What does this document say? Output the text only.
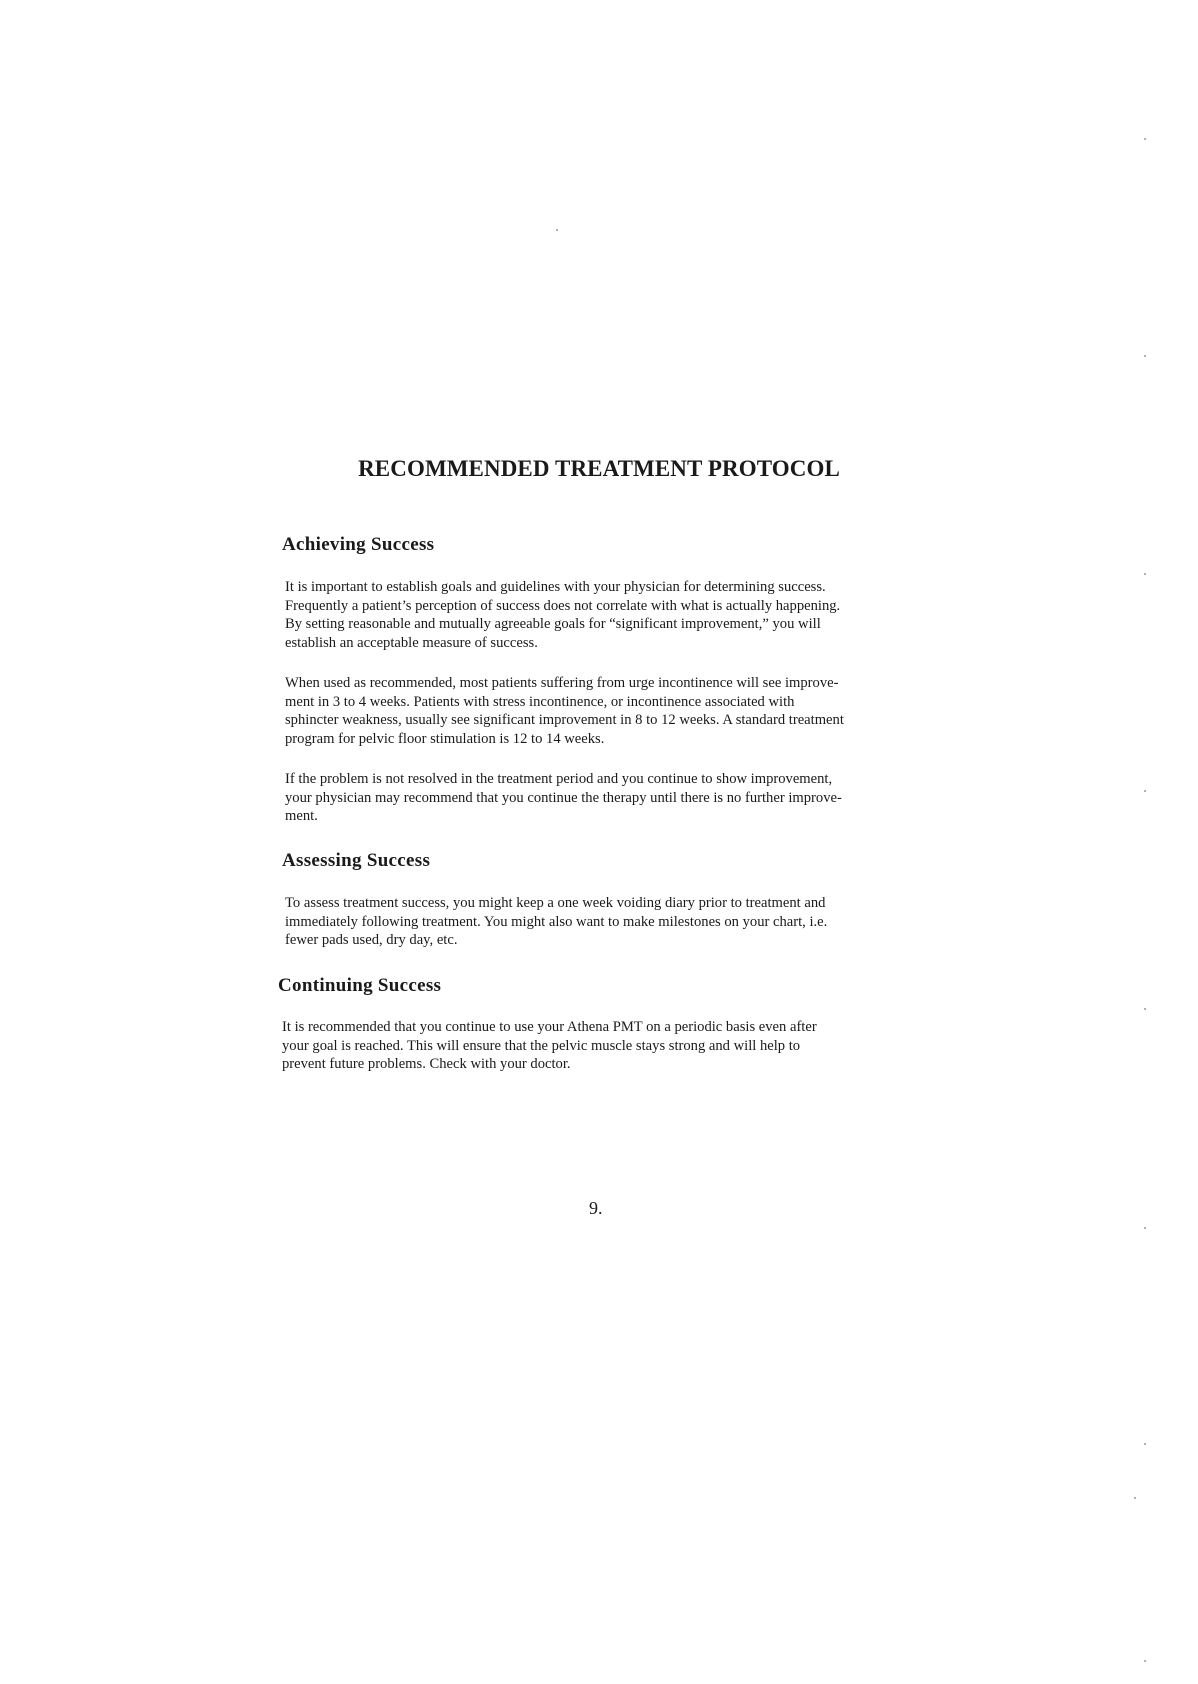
RECOMMENDED TREATMENT PROTOCOL
Achieving Success

It is important to establish goals and guidelines with your physician for determining success.
Frequently a patient’s perception of success does not correlate with what is actually happening.
By setting reasonable and mutually agreeable goals for “significant improvement,” you will
establish an acceptable measure of success.

When used as recommended, most patients suffering from urge incontinence will see improve-
ment in 3 to 4 weeks. Patients with stress incontinence, or incontinence associated with
sphincter weakness, usually see significant improvement in 8 to 12 weeks. A standard treatment
program for pelvic floor stimulation is 12 to 14 weeks.

If the problem is not resolved in the treatment period and you continue to show improvement,
your physician may recommend that you continue the therapy until there is no further improve-
ment.

Assessing Success

To assess treatment success, you might keep a one week voiding diary prior to treatment and
immediately following treatment. You might also want to make milestones on your chart, i.e.
fewer pads used, dry day, etc.

Continuing Success

It is recommended that you continue to use your Athena PMT on a periodic basis even after
your goal is reached. This will ensure that the pelvic muscle stays strong and will help to
prevent future problems. Check with your doctor.

9.
